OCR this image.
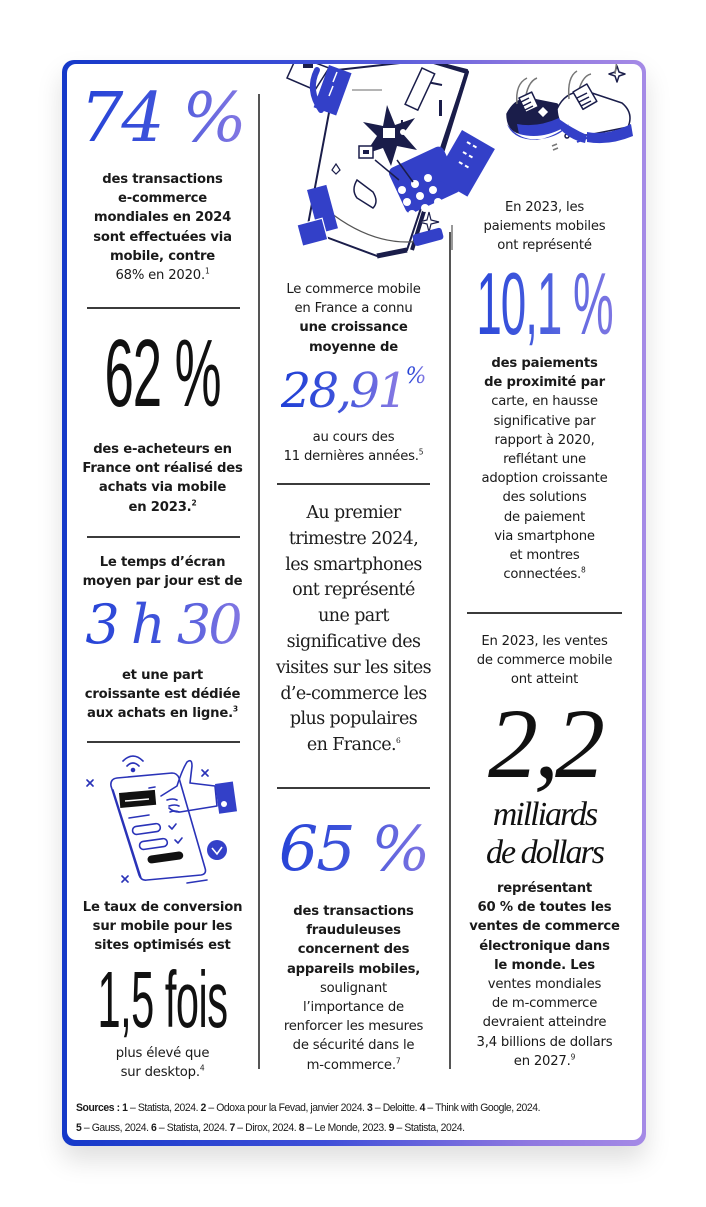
74 %
des transactions
e-commerce
mondiales en 2024
sont effectuées via
mobile, contre
68% en 2020.$^1$
62 %
des e-acheteurs en
France ont réalisé des
achats via mobile
en 2023.$^2$
Le temps d’écran
moyen par jour est de
3 h 30
et une part
croissante est dédiée
aux achats en ligne.$^3$
Le taux de conversion
sur mobile pour les
sites optimisés est
1,5 fois
plus élevé que
sur desktop.$^4$
Le commerce mobile
en France a connu
une croissance
moyenne de
28,91%
au cours des
11 dernières années.$^5$
Au premier
trimestre 2024,
les smartphones
ont représenté
une part
significative des
visites sur les sites
d’e-commerce les
plus populaires
en France.$^6$
65 %
des transactions
frauduleuses
concernent des
appareils mobiles,
soulignant
l’importance de
renforcer les mesures
de sécurité dans le
m-commerce.$^7$
En 2023, les
paiements mobiles
ont représenté
10,1 %
des paiements
de proximité par
carte, en hausse
significative par
rapport à 2020,
reflétant une
adoption croissante
des solutions
de paiement
via smartphone
et montres
connectées.$^8$
En 2023, les ventes
de commerce mobile
ont atteint
2,2
milliards
de dollars
représentant
60 % de toutes les
ventes de commerce
électronique dans
le monde. Les
ventes mondiales
de m-commerce
devraient atteindre
3,4 billions de dollars
en 2027.$^9$
Sources : 1 – Statista, 2024. 2 – Odoxa pour la Fevad, janvier 2024. 3 – Deloitte. 4 – Think with Google, 2024.
5 – Gauss, 2024. 6 – Statista, 2024. 7 – Dirox, 2024. 8 – Le Monde, 2023. 9 – Statista, 2024.
